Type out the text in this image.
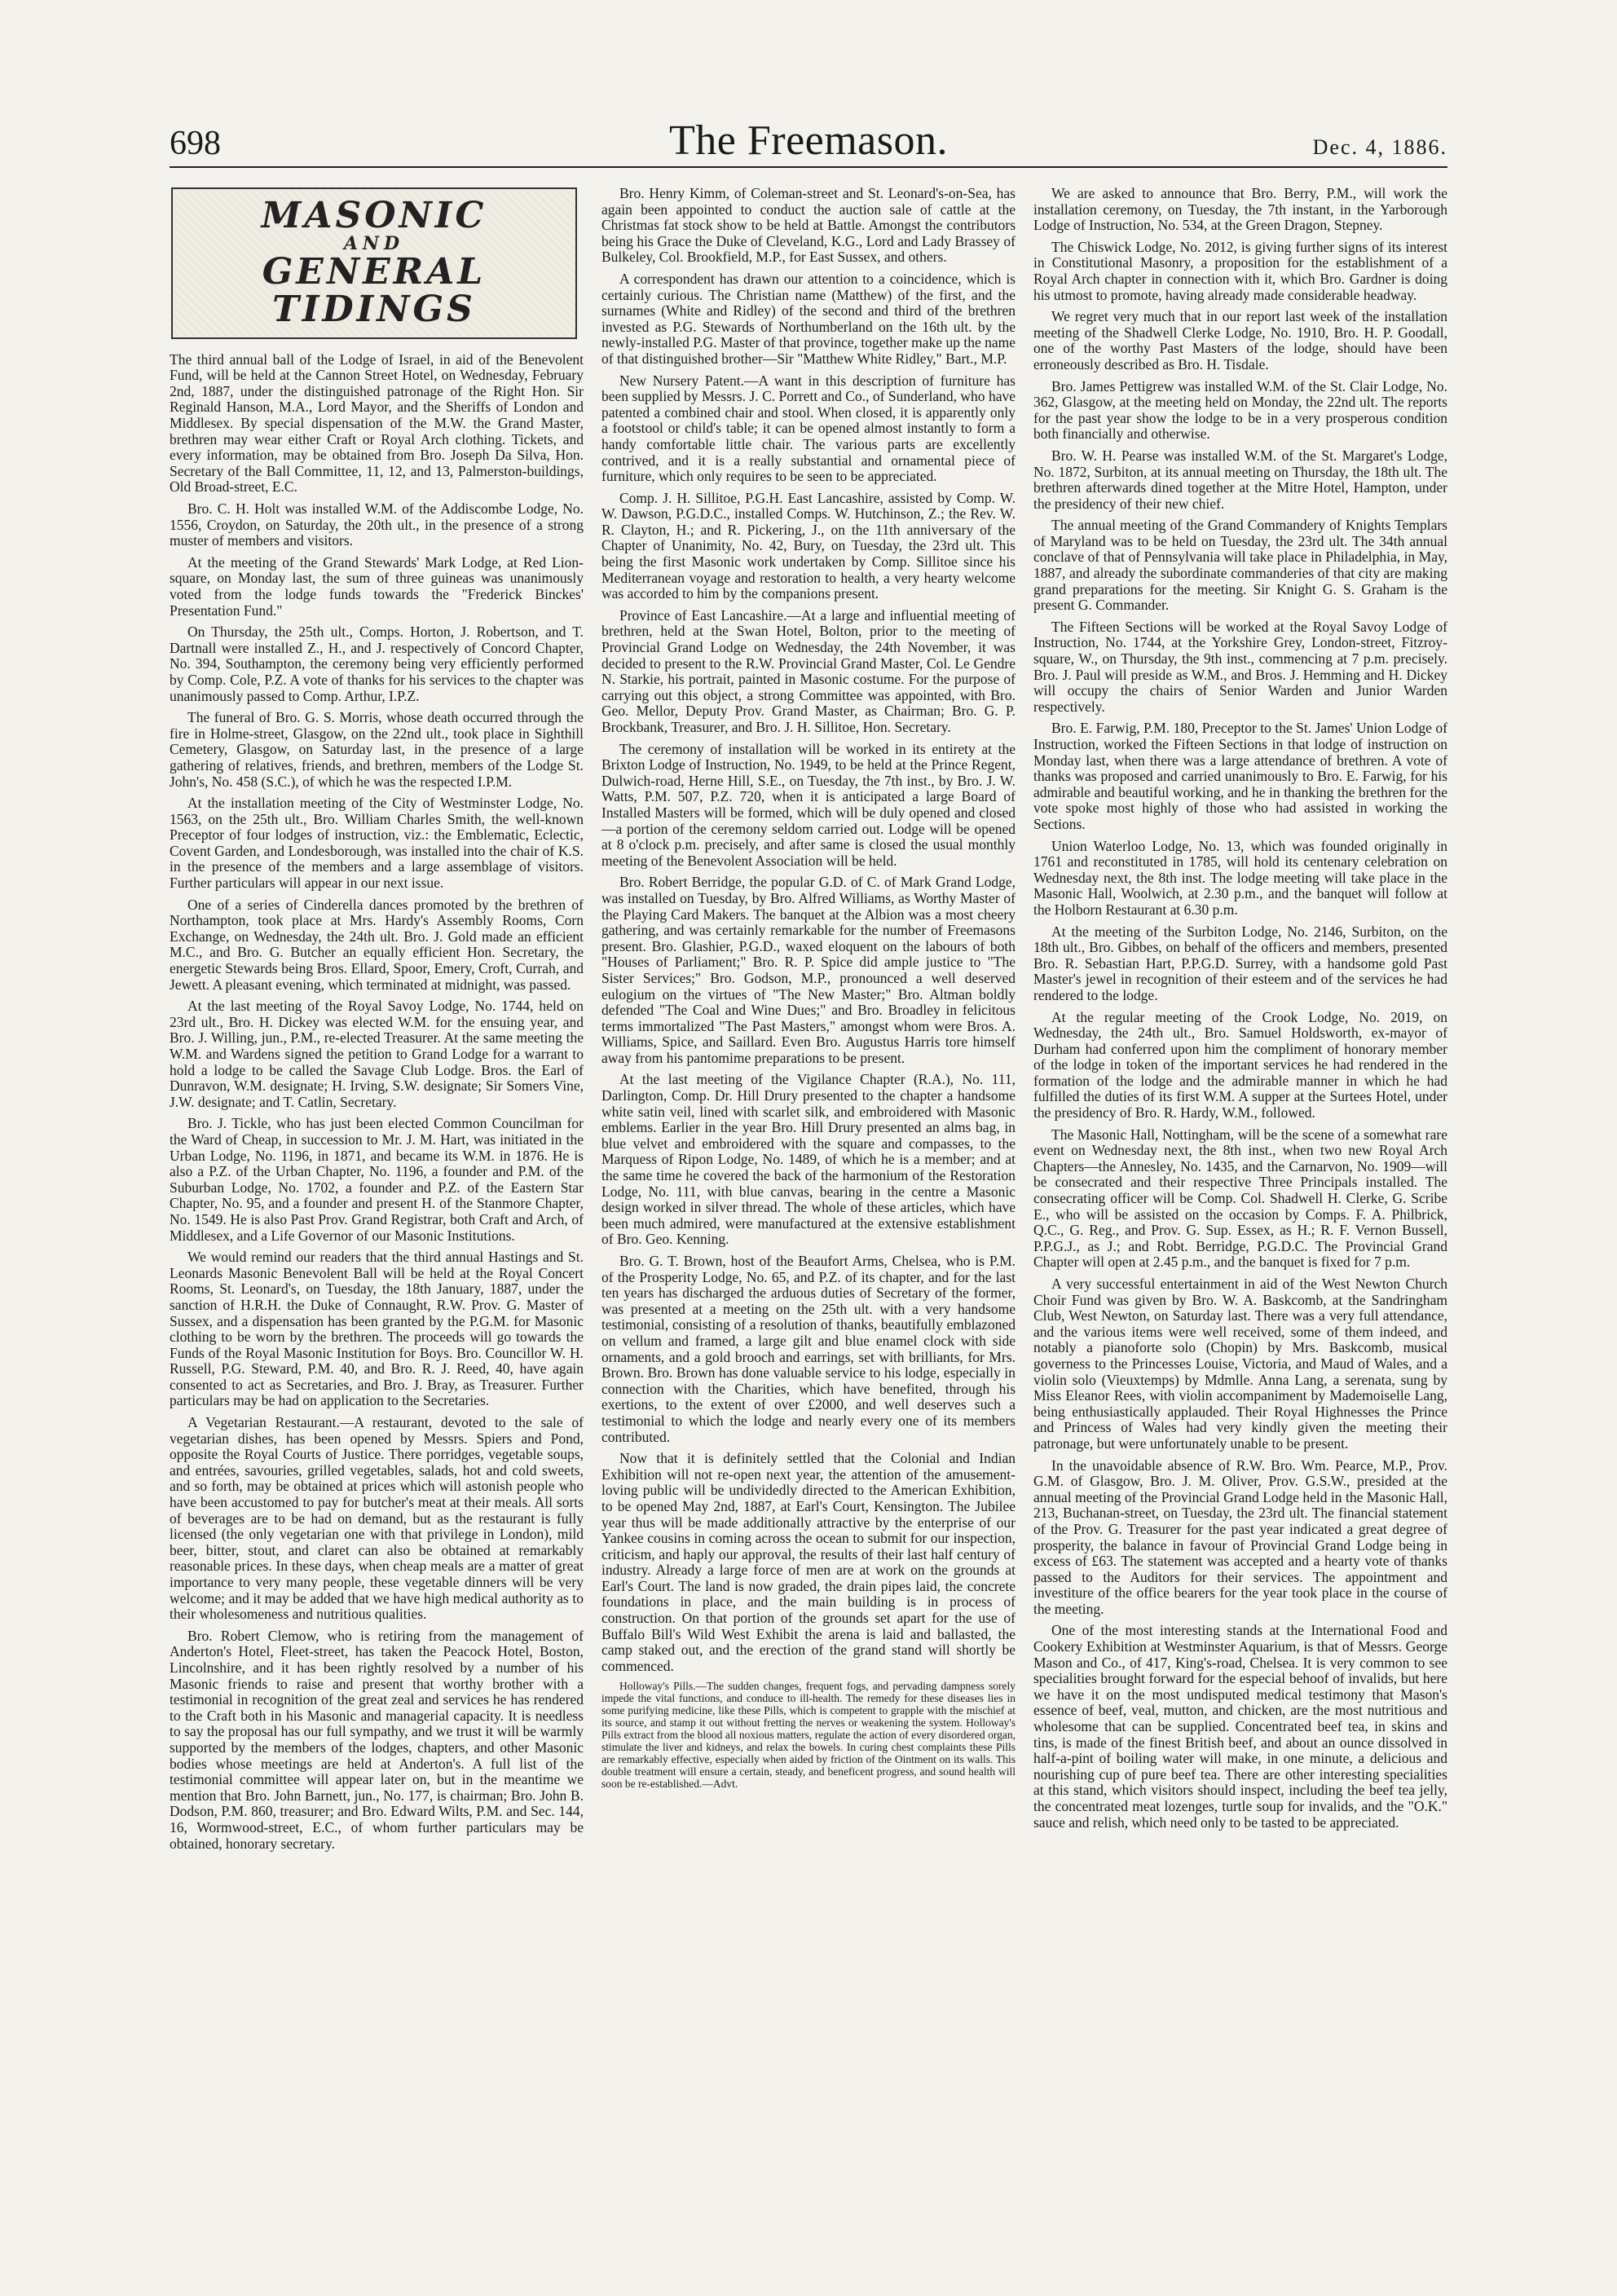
698	The Freemason.	Dec. 4, 1886.
MASONIC
AND
GENERAL TIDINGS

The third annual ball of the Lodge of Israel, in aid of the Benevolent Fund, will be held at the Cannon Street Hotel, on Wednesday, February 2nd, 1887, under the distinguished patronage of the Right Hon. Sir Reginald Hanson, M.A., Lord Mayor, and the Sheriffs of London and Middlesex. By special dispensation of the M.W. the Grand Master, brethren may wear either Craft or Royal Arch clothing. Tickets, and every information, may be obtained from Bro. Joseph Da Silva, Hon. Secretary of the Ball Committee, 11, 12, and 13, Palmerston-buildings, Old Broad-street, E.C.

Bro. C. H. Holt was installed W.M. of the Addiscombe Lodge, No. 1556, Croydon, on Saturday, the 20th ult., in the presence of a strong muster of members and visitors.

At the meeting of the Grand Stewards' Mark Lodge, at Red Lion-square, on Monday last, the sum of three guineas was unanimously voted from the lodge funds towards the "Frederick Binckes' Presentation Fund."

On Thursday, the 25th ult., Comps. Horton, J. Robertson, and T. Dartnall were installed Z., H., and J. respectively of Concord Chapter, No. 394, Southampton, the ceremony being very efficiently performed by Comp. Cole, P.Z. A vote of thanks for his services to the chapter was unanimously passed to Comp. Arthur, I.P.Z.

The funeral of Bro. G. S. Morris, whose death occurred through the fire in Holme-street, Glasgow, on the 22nd ult., took place in Sighthill Cemetery, Glasgow, on Saturday last, in the presence of a large gathering of relatives, friends, and brethren, members of the Lodge St. John's, No. 458 (S.C.), of which he was the respected I.P.M.

At the installation meeting of the City of Westminster Lodge, No. 1563, on the 25th ult., Bro. William Charles Smith, the well-known Preceptor of four lodges of instruction, viz.: the Emblematic, Eclectic, Covent Garden, and Londesborough, was installed into the chair of K.S. in the presence of the members and a large assemblage of visitors. Further particulars will appear in our next issue.

One of a series of Cinderella dances promoted by the brethren of Northampton, took place at Mrs. Hardy's Assembly Rooms, Corn Exchange, on Wednesday, the 24th ult. Bro. J. Gold made an efficient M.C., and Bro. G. Butcher an equally efficient Hon. Secretary, the energetic Stewards being Bros. Ellard, Spoor, Emery, Croft, Currah, and Jewett. A pleasant evening, which terminated at midnight, was passed.

At the last meeting of the Royal Savoy Lodge, No. 1744, held on 23rd ult., Bro. H. Dickey was elected W.M. for the ensuing year, and Bro. J. Willing, jun., P.M., re-elected Treasurer. At the same meeting the W.M. and Wardens signed the petition to Grand Lodge for a warrant to hold a lodge to be called the Savage Club Lodge. Bros. the Earl of Dunravon, W.M. designate; H. Irving, S.W. designate; Sir Somers Vine, J.W. designate; and T. Catlin, Secretary.

Bro. J. Tickle, who has just been elected Common Councilman for the Ward of Cheap, in succession to Mr. J. M. Hart, was initiated in the Urban Lodge, No. 1196, in 1871, and became its W.M. in 1876. He is also a P.Z. of the Urban Chapter, No. 1196, a founder and P.M. of the Suburban Lodge, No. 1702, a founder and P.Z. of the Eastern Star Chapter, No. 95, and a founder and present H. of the Stanmore Chapter, No. 1549. He is also Past Prov. Grand Registrar, both Craft and Arch, of Middlesex, and a Life Governor of our Masonic Institutions.

We would remind our readers that the third annual Hastings and St. Leonards Masonic Benevolent Ball will be held at the Royal Concert Rooms, St. Leonard's, on Tuesday, the 18th January, 1887, under the sanction of H.R.H. the Duke of Connaught, R.W. Prov. G. Master of Sussex, and a dispensation has been granted by the P.G.M. for Masonic clothing to be worn by the brethren. The proceeds will go towards the Funds of the Royal Masonic Institution for Boys. Bro. Councillor W. H. Russell, P.G. Steward, P.M. 40, and Bro. R. J. Reed, 40, have again consented to act as Secretaries, and Bro. J. Bray, as Treasurer. Further particulars may be had on application to the Secretaries.

A Vegetarian Restaurant.—A restaurant, devoted to the sale of vegetarian dishes, has been opened by Messrs. Spiers and Pond, opposite the Royal Courts of Justice. There porridges, vegetable soups, and entrées, savouries, grilled vegetables, salads, hot and cold sweets, and so forth, may be obtained at prices which will astonish people who have been accustomed to pay for butcher's meat at their meals. All sorts of beverages are to be had on demand, but as the restaurant is fully licensed (the only vegetarian one with that privilege in London), mild beer, bitter, stout, and claret can also be obtained at remarkably reasonable prices. In these days, when cheap meals are a matter of great importance to very many people, these vegetable dinners will be very welcome; and it may be added that we have high medical authority as to their wholesomeness and nutritious qualities.

Bro. Robert Clemow, who is retiring from the management of Anderton's Hotel, Fleet-street, has taken the Peacock Hotel, Boston, Lincolnshire, and it has been rightly resolved by a number of his Masonic friends to raise and present that worthy brother with a testimonial in recognition of the great zeal and services he has rendered to the Craft both in his Masonic and managerial capacity. It is needless to say the proposal has our full sympathy, and we trust it will be warmly supported by the members of the lodges, chapters, and other Masonic bodies whose meetings are held at Anderton's. A full list of the testimonial committee will appear later on, but in the meantime we mention that Bro. John Barnett, jun., No. 177, is chairman; Bro. John B. Dodson, P.M. 860, treasurer; and Bro. Edward Wilts, P.M. and Sec. 144, 16, Wormwood-street, E.C., of whom further particulars may be obtained, honorary secretary.

Bro. Henry Kimm, of Coleman-street and St. Leonard's-on-Sea, has again been appointed to conduct the auction sale of cattle at the Christmas fat stock show to be held at Battle. Amongst the contributors being his Grace the Duke of Cleveland, K.G., Lord and Lady Brassey of Bulkeley, Col. Brookfield, M.P., for East Sussex, and others.

A correspondent has drawn our attention to a coincidence, which is certainly curious. The Christian name (Matthew) of the first, and the surnames (White and Ridley) of the second and third of the brethren invested as P.G. Stewards of Northumberland on the 16th ult. by the newly-installed P.G. Master of that province, together make up the name of that distinguished brother—Sir "Matthew White Ridley," Bart., M.P.

New Nursery Patent.—A want in this description of furniture has been supplied by Messrs. J. C. Porrett and Co., of Sunderland, who have patented a combined chair and stool. When closed, it is apparently only a footstool or child's table; it can be opened almost instantly to form a handy comfortable little chair. The various parts are excellently contrived, and it is a really substantial and ornamental piece of furniture, which only requires to be seen to be appreciated.

Comp. J. H. Sillitoe, P.G.H. East Lancashire, assisted by Comp. W. W. Dawson, P.G.D.C., installed Comps. W. Hutchinson, Z.; the Rev. W. R. Clayton, H.; and R. Pickering, J., on the 11th anniversary of the Chapter of Unanimity, No. 42, Bury, on Tuesday, the 23rd ult. This being the first Masonic work undertaken by Comp. Sillitoe since his Mediterranean voyage and restoration to health, a very hearty welcome was accorded to him by the companions present.

Province of East Lancashire.—At a large and influential meeting of brethren, held at the Swan Hotel, Bolton, prior to the meeting of Provincial Grand Lodge on Wednesday, the 24th November, it was decided to present to the R.W. Provincial Grand Master, Col. Le Gendre N. Starkie, his portrait, painted in Masonic costume. For the purpose of carrying out this object, a strong Committee was appointed, with Bro. Geo. Mellor, Deputy Prov. Grand Master, as Chairman; Bro. G. P. Brockbank, Treasurer, and Bro. J. H. Sillitoe, Hon. Secretary.

The ceremony of installation will be worked in its entirety at the Brixton Lodge of Instruction, No. 1949, to be held at the Prince Regent, Dulwich-road, Herne Hill, S.E., on Tuesday, the 7th inst., by Bro. J. W. Watts, P.M. 507, P.Z. 720, when it is anticipated a large Board of Installed Masters will be formed, which will be duly opened and closed—a portion of the ceremony seldom carried out. Lodge will be opened at 8 o'clock p.m. precisely, and after same is closed the usual monthly meeting of the Benevolent Association will be held.

Bro. Robert Berridge, the popular G.D. of C. of Mark Grand Lodge, was installed on Tuesday, by Bro. Alfred Williams, as Worthy Master of the Playing Card Makers. The banquet at the Albion was a most cheery gathering, and was certainly remarkable for the number of Freemasons present. Bro. Glashier, P.G.D., waxed eloquent on the labours of both "Houses of Parliament;" Bro. R. P. Spice did ample justice to "The Sister Services;" Bro. Godson, M.P., pronounced a well deserved eulogium on the virtues of "The New Master;" Bro. Altman boldly defended "The Coal and Wine Dues;" and Bro. Broadley in felicitous terms immortalized "The Past Masters," amongst whom were Bros. A. Williams, Spice, and Saillard. Even Bro. Augustus Harris tore himself away from his pantomime preparations to be present.

At the last meeting of the Vigilance Chapter (R.A.), No. 111, Darlington, Comp. Dr. Hill Drury presented to the chapter a handsome white satin veil, lined with scarlet silk, and embroidered with Masonic emblems. Earlier in the year Bro. Hill Drury presented an alms bag, in blue velvet and embroidered with the square and compasses, to the Marquess of Ripon Lodge, No. 1489, of which he is a member; and at the same time he covered the back of the harmonium of the Restoration Lodge, No. 111, with blue canvas, bearing in the centre a Masonic design worked in silver thread. The whole of these articles, which have been much admired, were manufactured at the extensive establishment of Bro. Geo. Kenning.

Bro. G. T. Brown, host of the Beaufort Arms, Chelsea, who is P.M. of the Prosperity Lodge, No. 65, and P.Z. of its chapter, and for the last ten years has discharged the arduous duties of Secretary of the former, was presented at a meeting on the 25th ult. with a very handsome testimonial, consisting of a resolution of thanks, beautifully emblazoned on vellum and framed, a large gilt and blue enamel clock with side ornaments, and a gold brooch and earrings, set with brilliants, for Mrs. Brown. Bro. Brown has done valuable service to his lodge, especially in connection with the Charities, which have benefited, through his exertions, to the extent of over £2000, and well deserves such a testimonial to which the lodge and nearly every one of its members contributed.

Now that it is definitely settled that the Colonial and Indian Exhibition will not re-open next year, the attention of the amusement-loving public will be undividedly directed to the American Exhibition, to be opened May 2nd, 1887, at Earl's Court, Kensington. The Jubilee year thus will be made additionally attractive by the enterprise of our Yankee cousins in coming across the ocean to submit for our inspection, criticism, and haply our approval, the results of their last half century of industry. Already a large force of men are at work on the grounds at Earl's Court. The land is now graded, the drain pipes laid, the concrete foundations in place, and the main building is in process of construction. On that portion of the grounds set apart for the use of Buffalo Bill's Wild West Exhibit the arena is laid and ballasted, the camp staked out, and the erection of the grand stand will shortly be commenced.

Holloway's Pills.—The sudden changes, frequent fogs, and pervading dampness sorely impede the vital functions, and conduce to ill-health. The remedy for these diseases lies in some purifying medicine, like these Pills, which is competent to grapple with the mischief at its source, and stamp it out without fretting the nerves or weakening the system. Holloway's Pills extract from the blood all noxious matters, regulate the action of every disordered organ, stimulate the liver and kidneys, and relax the bowels. In curing chest complaints these Pills are remarkably effective, especially when aided by friction of the Ointment on its walls. This double treatment will ensure a certain, steady, and beneficent progress, and sound health will soon be re-established.—Advt.

We are asked to announce that Bro. Berry, P.M., will work the installation ceremony, on Tuesday, the 7th instant, in the Yarborough Lodge of Instruction, No. 534, at the Green Dragon, Stepney.

The Chiswick Lodge, No. 2012, is giving further signs of its interest in Constitutional Masonry, a proposition for the establishment of a Royal Arch chapter in connection with it, which Bro. Gardner is doing his utmost to promote, having already made considerable headway.

We regret very much that in our report last week of the installation meeting of the Shadwell Clerke Lodge, No. 1910, Bro. H. P. Goodall, one of the worthy Past Masters of the lodge, should have been erroneously described as Bro. H. Tisdale.

Bro. James Pettigrew was installed W.M. of the St. Clair Lodge, No. 362, Glasgow, at the meeting held on Monday, the 22nd ult. The reports for the past year show the lodge to be in a very prosperous condition both financially and otherwise.

Bro. W. H. Pearse was installed W.M. of the St. Margaret's Lodge, No. 1872, Surbiton, at its annual meeting on Thursday, the 18th ult. The brethren afterwards dined together at the Mitre Hotel, Hampton, under the presidency of their new chief.

The annual meeting of the Grand Commandery of Knights Templars of Maryland was to be held on Tuesday, the 23rd ult. The 34th annual conclave of that of Pennsylvania will take place in Philadelphia, in May, 1887, and already the subordinate commanderies of that city are making grand preparations for the meeting. Sir Knight G. S. Graham is the present G. Commander.

The Fifteen Sections will be worked at the Royal Savoy Lodge of Instruction, No. 1744, at the Yorkshire Grey, London-street, Fitzroy-square, W., on Thursday, the 9th inst., commencing at 7 p.m. precisely. Bro. J. Paul will preside as W.M., and Bros. J. Hemming and H. Dickey will occupy the chairs of Senior Warden and Junior Warden respectively.

Bro. E. Farwig, P.M. 180, Preceptor to the St. James' Union Lodge of Instruction, worked the Fifteen Sections in that lodge of instruction on Monday last, when there was a large attendance of brethren. A vote of thanks was proposed and carried unanimously to Bro. E. Farwig, for his admirable and beautiful working, and he in thanking the brethren for the vote spoke most highly of those who had assisted in working the Sections.

Union Waterloo Lodge, No. 13, which was founded originally in 1761 and reconstituted in 1785, will hold its centenary celebration on Wednesday next, the 8th inst. The lodge meeting will take place in the Masonic Hall, Woolwich, at 2.30 p.m., and the banquet will follow at the Holborn Restaurant at 6.30 p.m.

At the meeting of the Surbiton Lodge, No. 2146, Surbiton, on the 18th ult., Bro. Gibbes, on behalf of the officers and members, presented Bro. R. Sebastian Hart, P.P.G.D. Surrey, with a handsome gold Past Master's jewel in recognition of their esteem and of the services he had rendered to the lodge.

At the regular meeting of the Crook Lodge, No. 2019, on Wednesday, the 24th ult., Bro. Samuel Holdsworth, ex-mayor of Durham had conferred upon him the compliment of honorary member of the lodge in token of the important services he had rendered in the formation of the lodge and the admirable manner in which he had fulfilled the duties of its first W.M. A supper at the Surtees Hotel, under the presidency of Bro. R. Hardy, W.M., followed.

The Masonic Hall, Nottingham, will be the scene of a somewhat rare event on Wednesday next, the 8th inst., when two new Royal Arch Chapters—the Annesley, No. 1435, and the Carnarvon, No. 1909—will be consecrated and their respective Three Principals installed. The consecrating officer will be Comp. Col. Shadwell H. Clerke, G. Scribe E., who will be assisted on the occasion by Comps. F. A. Philbrick, Q.C., G. Reg., and Prov. G. Sup. Essex, as H.; R. F. Vernon Bussell, P.P.G.J., as J.; and Robt. Berridge, P.G.D.C. The Provincial Grand Chapter will open at 2.45 p.m., and the banquet is fixed for 7 p.m.

A very successful entertainment in aid of the West Newton Church Choir Fund was given by Bro. W. A. Baskcomb, at the Sandringham Club, West Newton, on Saturday last. There was a very full attendance, and the various items were well received, some of them indeed, and notably a pianoforte solo (Chopin) by Mrs. Baskcomb, musical governess to the Princesses Louise, Victoria, and Maud of Wales, and a violin solo (Vieuxtemps) by Mdmlle. Anna Lang, a serenata, sung by Miss Eleanor Rees, with violin accompaniment by Mademoiselle Lang, being enthusiastically applauded. Their Royal Highnesses the Prince and Princess of Wales had very kindly given the meeting their patronage, but were unfortunately unable to be present.

In the unavoidable absence of R.W. Bro. Wm. Pearce, M.P., Prov. G.M. of Glasgow, Bro. J. M. Oliver, Prov. G.S.W., presided at the annual meeting of the Provincial Grand Lodge held in the Masonic Hall, 213, Buchanan-street, on Tuesday, the 23rd ult. The financial statement of the Prov. G. Treasurer for the past year indicated a great degree of prosperity, the balance in favour of Provincial Grand Lodge being in excess of £63. The statement was accepted and a hearty vote of thanks passed to the Auditors for their services. The appointment and investiture of the office bearers for the year took place in the course of the meeting.

One of the most interesting stands at the International Food and Cookery Exhibition at Westminster Aquarium, is that of Messrs. George Mason and Co., of 417, King's-road, Chelsea. It is very common to see specialities brought forward for the especial behoof of invalids, but here we have it on the most undisputed medical testimony that Mason's essence of beef, veal, mutton, and chicken, are the most nutritious and wholesome that can be supplied. Concentrated beef tea, in skins and tins, is made of the finest British beef, and about an ounce dissolved in half-a-pint of boiling water will make, in one minute, a delicious and nourishing cup of pure beef tea. There are other interesting specialities at this stand, which visitors should inspect, including the beef tea jelly, the concentrated meat lozenges, turtle soup for invalids, and the "O.K." sauce and relish, which need only to be tasted to be appreciated.
